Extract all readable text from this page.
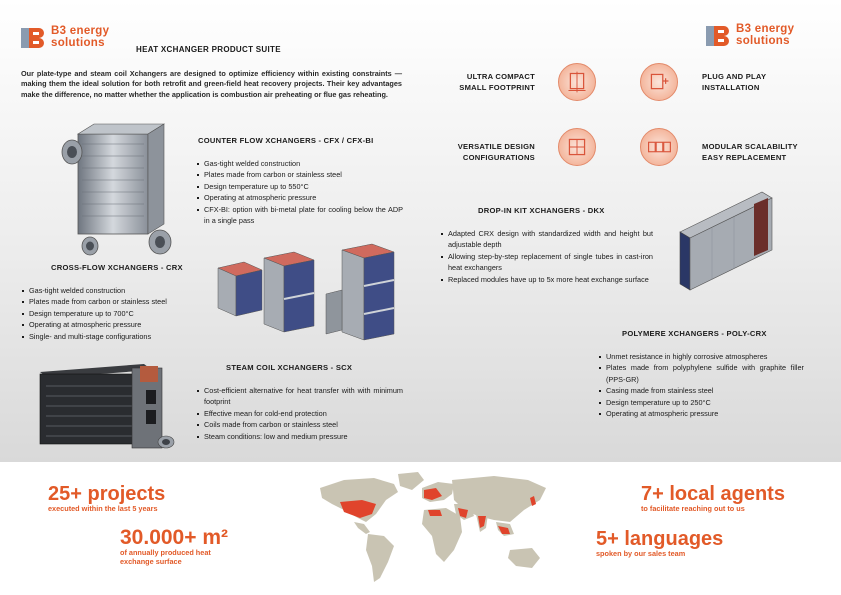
B3 energy
solutions
HEAT XCHANGER PRODUCT SUITE
Our plate-type and steam coil Xchangers are designed to optimize efficiency within existing constraints — making them the ideal solution for both retrofit and green-field heat recovery projects. Their key advantages make the difference, no matter whether the application is combustion air preheating or flue gas reheating.
B3 energy
solutions
ULTRA COMPACT
SMALL FOOTPRINT
PLUG AND PLAY
INSTALLATION
VERSATILE DESIGN
CONFIGURATIONS
MODULAR SCALABILITY
EASY REPLACEMENT
COUNTER FLOW XCHANGERS - CFX / CFX-BI
Gas-tight welded construction
Plates made from carbon or stainless steel
Design temperature up to 550°C
Operating at atmospheric pressure
CFX-BI: option with bi-metal plate for cooling below the ADP in a single pass
DROP-IN KIT XCHANGERS - DKX
Adapted CRX design with standardized width and height but adjustable depth
Allowing step-by-step replacement of single tubes in cast-iron heat exchangers
Replaced modules have up to 5x more heat exchange surface
CROSS-FLOW XCHANGERS - CRX
Gas-tight welded construction
Plates made from carbon or stainless steel
Design temperature up to 700°C
Operating at atmospheric pressure
Single- and multi-stage configurations	POLYMERE XCHANGERS - POLY-CRX
Unmet resistance in highly corrosive atmospheres
Plates made from polyphylene sulfide with graphite filler (PPS-GR)
Casing made from stainless steel
Design temperature up to 250°C
Operating at atmospheric pressure
STEAM COIL XCHANGERS - SCX
Cost-efficient alternative for heat transfer with with minimum footprint
Effective mean for cold-end protection
Coils made from carbon or stainless steel
Steam conditions: low and medium pressure
25+ projects
executed within the last 5 years
30.000+ m²
of annually produced heat
exchange surface
7+ local agents
to facilitate reaching out to us
5+ languages
spoken by our sales team
